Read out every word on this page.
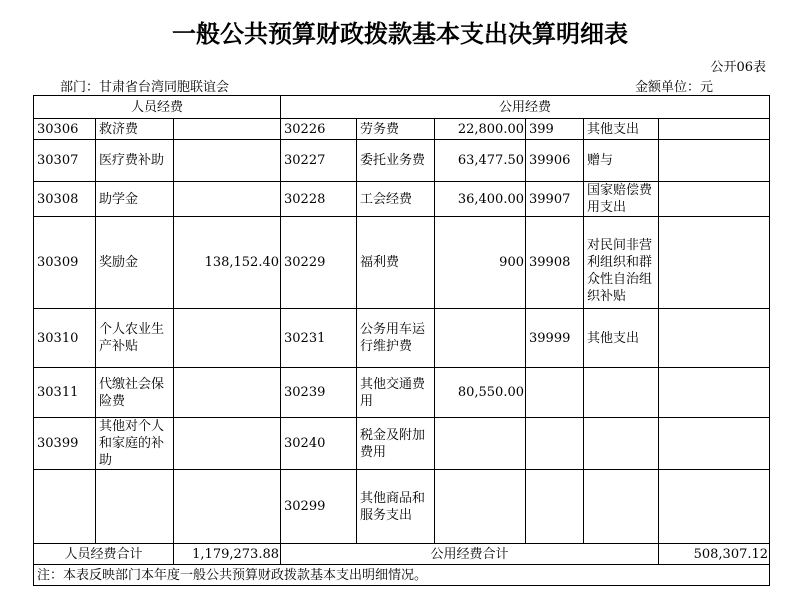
一般公共预算财政拨款基本支出决算明细表
公开06表
部门：甘肃省台湾同胞联谊会	金额单位：元
人员经费			公用经费					

30306	救济费		30226	劳务费	22,800.00	399	其他支出	

30307	医疗费补助		30227	委托业务费	63,477.50	39906	赠与	

30308	助学金		30228	工会经费	36,400.00	39907	国家赔偿费用支出	

30309	奖励金	138,152.40	30229	福利费	900	39908	对民间非营利组织和群众性自治组织补贴	

30310	个人农业生产补贴		30231	公务用车运行维护费		39999	其他支出	

30311	代缴社会保险费		30239	其他交通费用	80,550.00			

30399	其他对个人和家庭的补助		30240	税金及附加费用				

			30299	其他商品和服务支出				

人员经费合计		1,179,273.88	公用经费合计					508,307.12
注：本表反映部门本年度一般公共预算财政拨款基本支出明细情况。								
